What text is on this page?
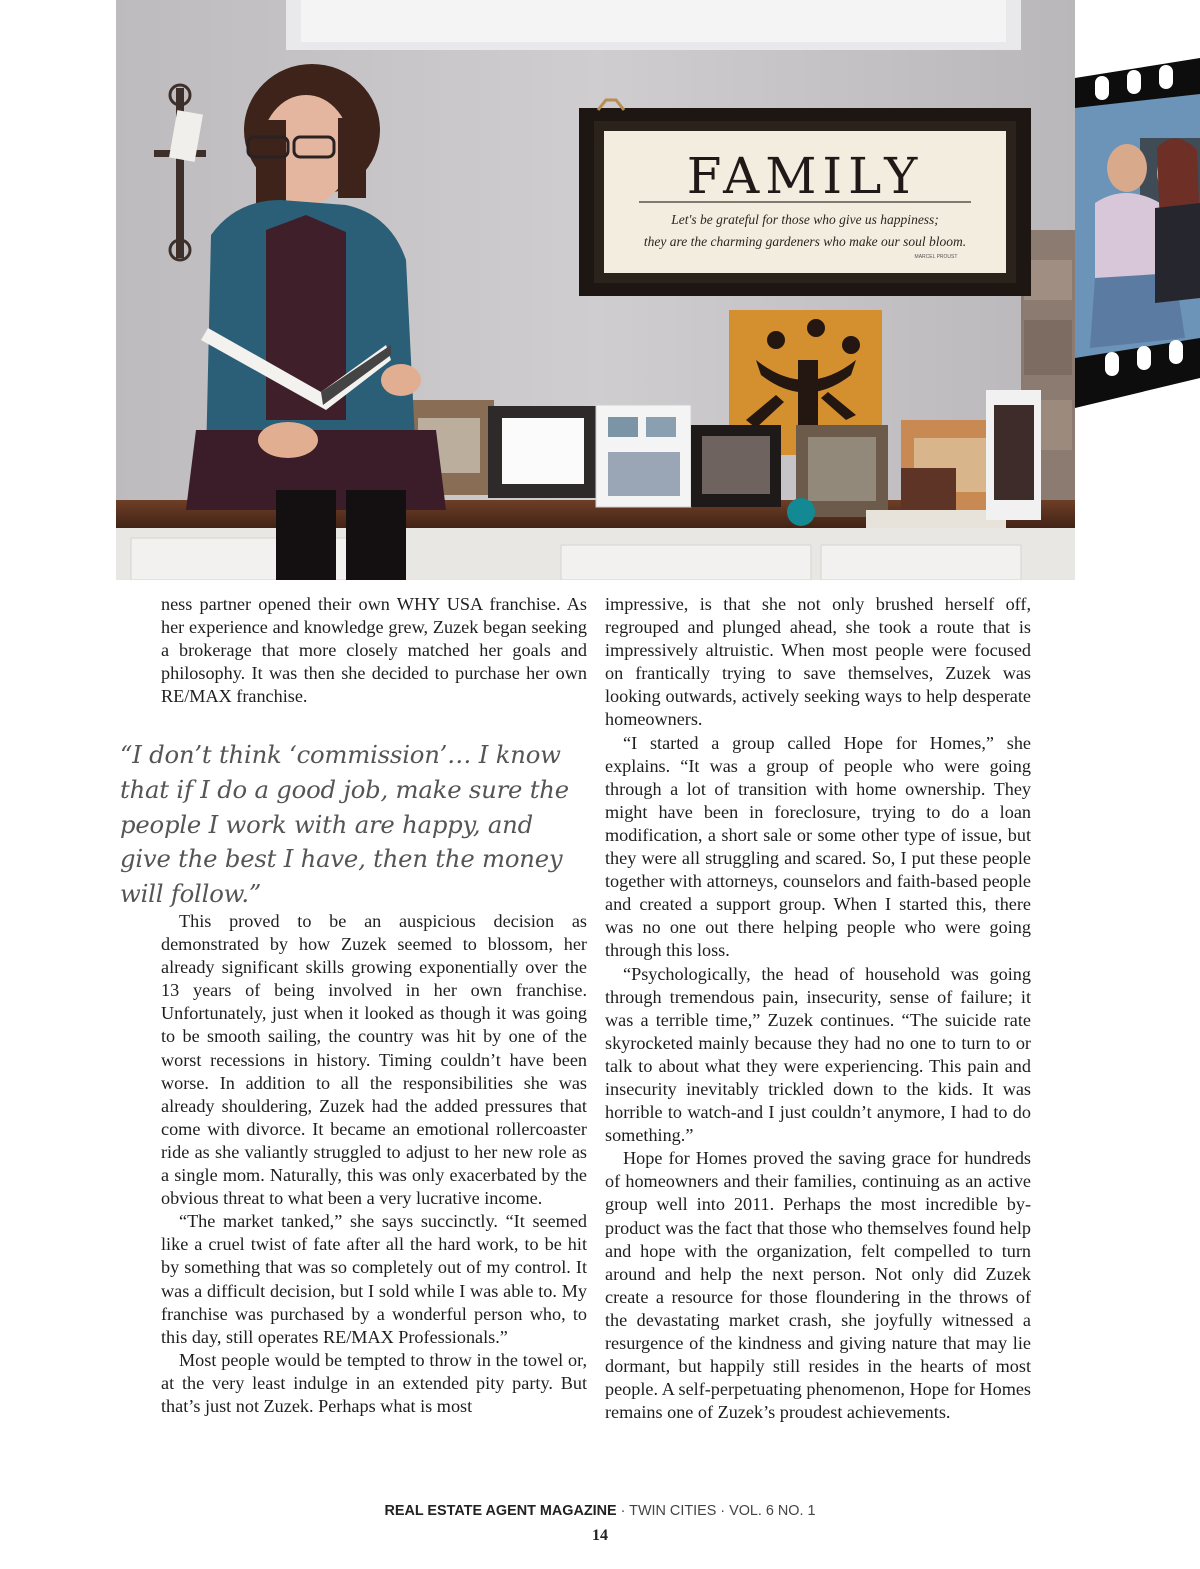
FAMILY
Let's be grateful for those who give us happiness;
they are the charming gardeners who make our soul bloom.
MARCEL PROUST

ness partner opened their own WHY USA franchise. As her experience and knowledge grew, Zuzek began seeking a brokerage that more closely matched her goals and philosophy. It was then she decided to purchase her own RE/MAX franchise.

“I don’t think ‘commission’… I know that if I do a good job, make sure the people I work with are happy, and give the best I have, then the money will follow.”

This proved to be an auspicious decision as demonstrated by how Zuzek seemed to blossom, her already significant skills growing exponentially over the 13 years of being involved in her own franchise. Unfortunately, just when it looked as though it was going to be smooth sailing, the country was hit by one of the worst recessions in history. Timing couldn’t have been worse. In addition to all the responsibilities she was already shouldering, Zuzek had the added pressures that come with divorce. It became an emotional rollercoaster ride as she valiantly struggled to adjust to her new role as a single mom. Naturally, this was only exacerbated by the obvious threat to what been a very lucrative income.

“The market tanked,” she says succinctly. “It seemed like a cruel twist of fate after all the hard work, to be hit by something that was so completely out of my control. It was a difficult decision, but I sold while I was able to. My franchise was purchased by a wonderful person who, to this day, still operates RE/MAX Professionals.”

Most people would be tempted to throw in the towel or, at the very least indulge in an extended pity party. But that’s just not Zuzek. Perhaps what is most

impressive, is that she not only brushed herself off, regrouped and plunged ahead, she took a route that is impressively altruistic. When most people were focused on frantically trying to save themselves, Zuzek was looking outwards, actively seeking ways to help desperate homeowners.

“I started a group called Hope for Homes,” she explains. “It was a group of people who were going through a lot of transition with home ownership. They might have been in foreclosure, trying to do a loan modification, a short sale or some other type of issue, but they were all struggling and scared. So, I put these people together with attorneys, counselors and faith-based people and created a support group. When I started this, there was no one out there helping people who were going through this loss.

“Psychologically, the head of household was going through tremendous pain, insecurity, sense of failure; it was a terrible time,” Zuzek continues. “The suicide rate skyrocketed mainly because they had no one to turn to or talk to about what they were experiencing. This pain and insecurity inevitably trickled down to the kids. It was horrible to watch-and I just couldn’t anymore, I had to do something.”

Hope for Homes proved the saving grace for hundreds of homeowners and their families, continuing as an active group well into 2011. Perhaps the most incredible by-product was the fact that those who themselves found help and hope with the organization, felt compelled to turn around and help the next person. Not only did Zuzek create a resource for those floundering in the throws of the devastating market crash, she joyfully witnessed a resurgence of the kindness and giving nature that may lie dormant, but happily still resides in the hearts of most people. A self-perpetuating phenomenon, Hope for Homes remains one of Zuzek’s proudest achievements.

REAL ESTATE AGENT MAGAZINE · TWIN CITIES · VOL. 6 NO. 1
14
